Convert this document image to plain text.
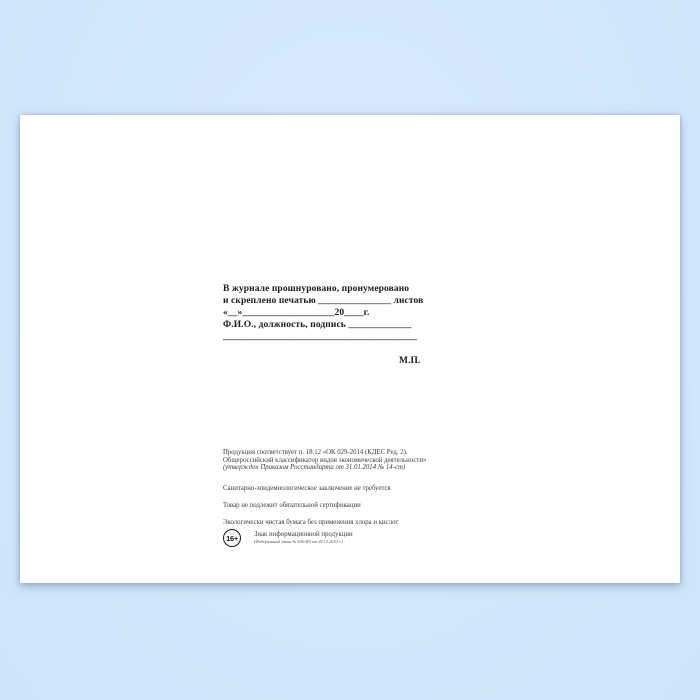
В журнале прошнуровано, пронумеровано
и скреплено печатью _______________ листов
«__»___________________20____г.
Ф.И.О., должность, подпись _____________
________________________________________
М.П.
Продукция соответствует п. 18.12 «ОК 029-2014 (КДЕС Ред. 2).
Общероссийский классификатор видов экономической деятельности»
(утвержден Приказом Росстандарта от 31.01.2014 № 14-ст)
Санитарно-эпидемиологическое заключение не требуется
Товар не подлежит обязательной сертификации
Экологически чистая бумага без применения хлора и кислот
16+	Знак информационной продукции
(Федеральный закон № 436-ФЗ от 29.12.2010 г.)
